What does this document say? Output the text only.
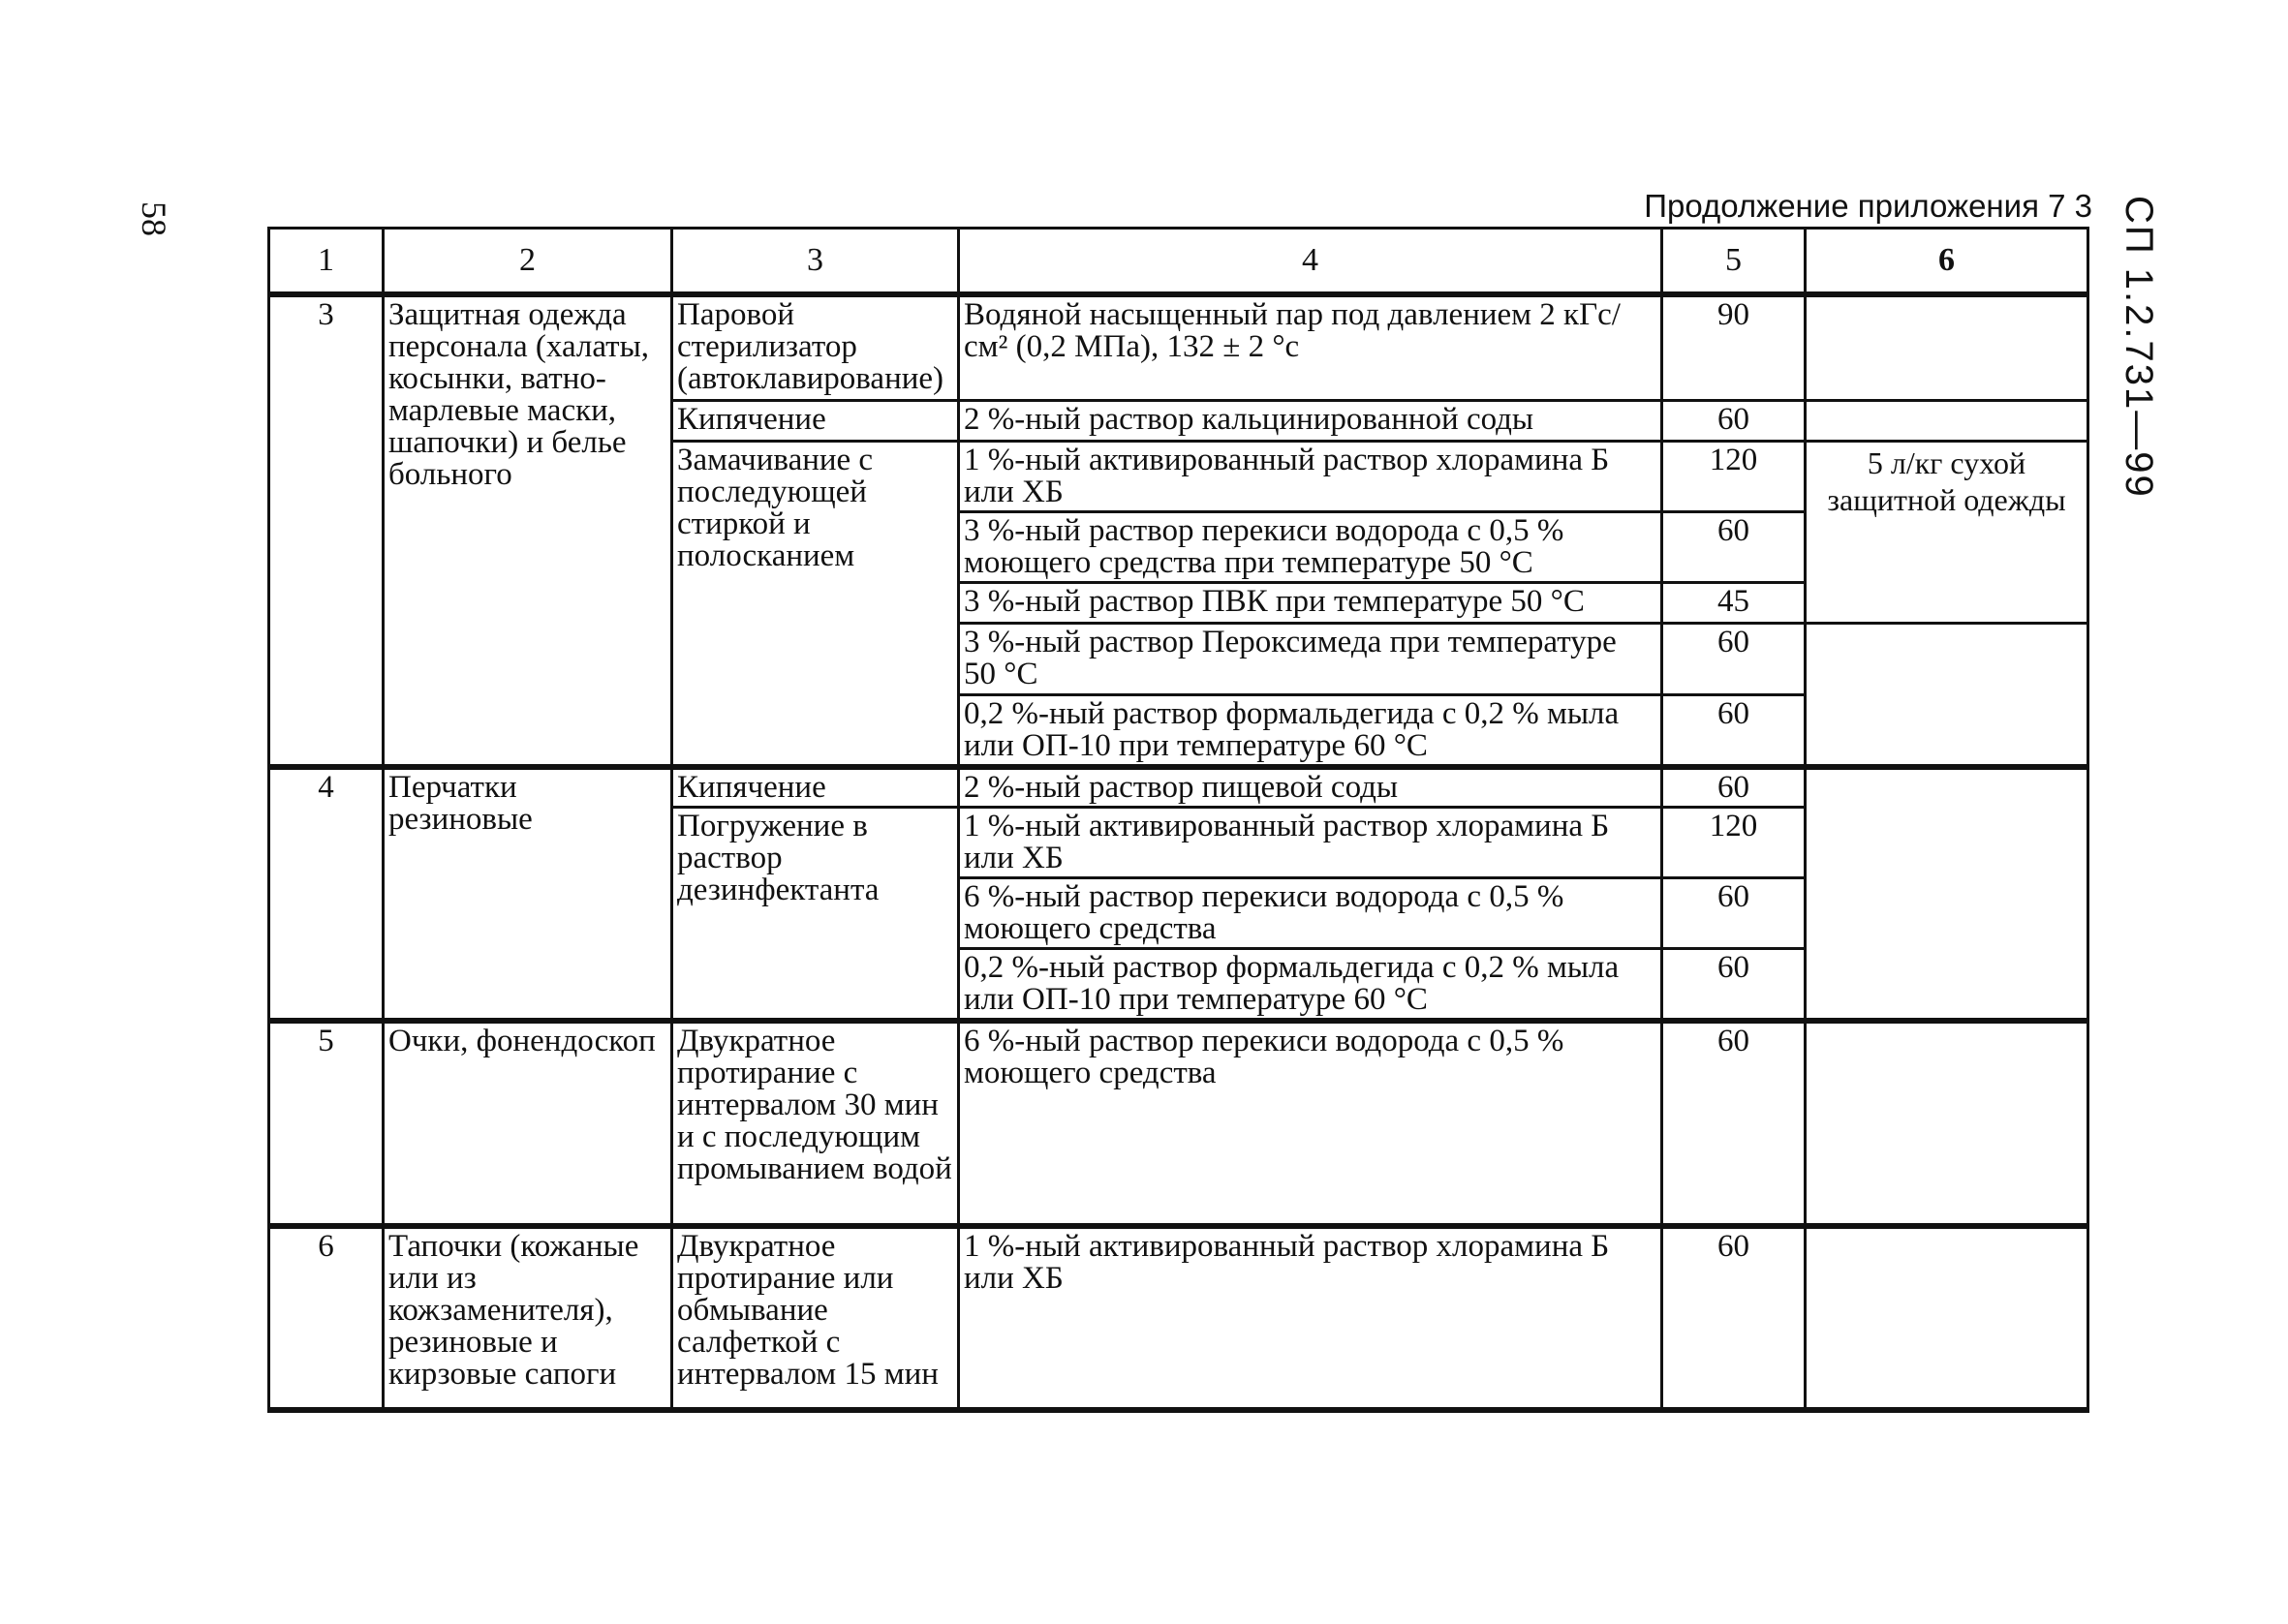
58	СП 1.2.731—99
Продолжение приложения 7 3
1	2	3	4	5	6
3	Защитная одежда персонала (халаты, косынки, ватно-марлевые маски, шапочки) и белье больного	Паровой стерилизатор (автоклавирование)	Водяной насыщенный пар под давлением 2 кГс/см² (0,2 МПа), 132 ± 2 °с	90	
		Кипячение	2 %-ный раствор кальцинированной соды	60	
		Замачивание с последующей стиркой и полосканием	1 %-ный активированный раствор хлорамина Б или ХБ	120	5 л/кг сухой защитной одежды
			3 %-ный раствор перекиси водорода с 0,5 % моющего средства при температуре 50 °С	60	
			3 %-ный раствор ПВК при температуре 50 °С	45	
			3 %-ный раствор Пероксимеда при температуре 50 °С	60	
			0,2 %-ный раствор формальдегида с 0,2 % мыла или ОП-10 при температуре 60 °С	60	
4	Перчатки резиновые	Кипячение	2 %-ный раствор пищевой соды	60	
		Погружение в раствор дезинфектанта	1 %-ный активированный раствор хлорамина Б или ХБ	120	
			6 %-ный раствор перекиси водорода с 0,5 % моющего средства	60	
			0,2 %-ный раствор формальдегида с 0,2 % мыла или ОП-10 при температуре 60 °С	60	
5	Очки, фонендоскоп	Двукратное протирание с интервалом 30 мин и с последующим промыванием водой	6 %-ный раствор перекиси водорода с 0,5 % моющего средства	60	
6	Тапочки (кожаные или из кожзаменителя), резиновые и кирзовые сапоги	Двукратное протирание или обмывание салфеткой с интервалом 15 мин	1 %-ный активированный раствор хлорамина Б или ХБ	60	
